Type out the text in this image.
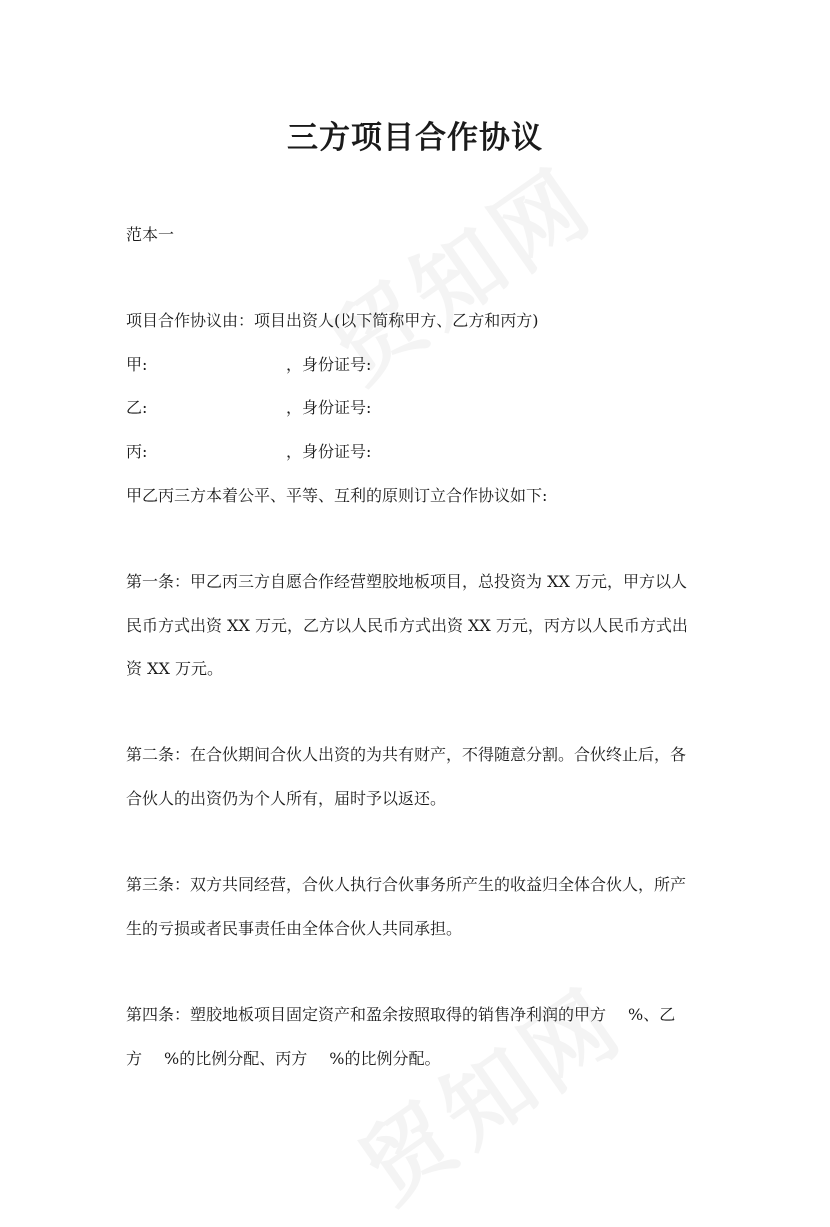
三方项目合作协议

范本一

项目合作协议由：项目出资人(以下简称甲方、乙方和丙方)

甲:	，身份证号:

乙:	，身份证号:

丙:	，身份证号:

甲乙丙三方本着公平、平等、互利的原则订立合作协议如下:

第一条：甲乙丙三方自愿合作经营塑胶地板项目，总投资为 XX 万元，甲方以人

民币方式出资 XX 万元，乙方以人民币方式出资 XX 万元，丙方以人民币方式出

资 XX 万元。

第二条：在合伙期间合伙人出资的为共有财产，不得随意分割。合伙终止后，各

合伙人的出资仍为个人所有，届时予以返还。

第三条：双方共同经营，合伙人执行合伙事务所产生的收益归全体合伙人，所产

生的亏损或者民事责任由全体合伙人共同承担。

第四条：塑胶地板项目固定资产和盈余按照取得的销售净利润的甲方 %、乙

方 %的比例分配、丙方 %的比例分配。
